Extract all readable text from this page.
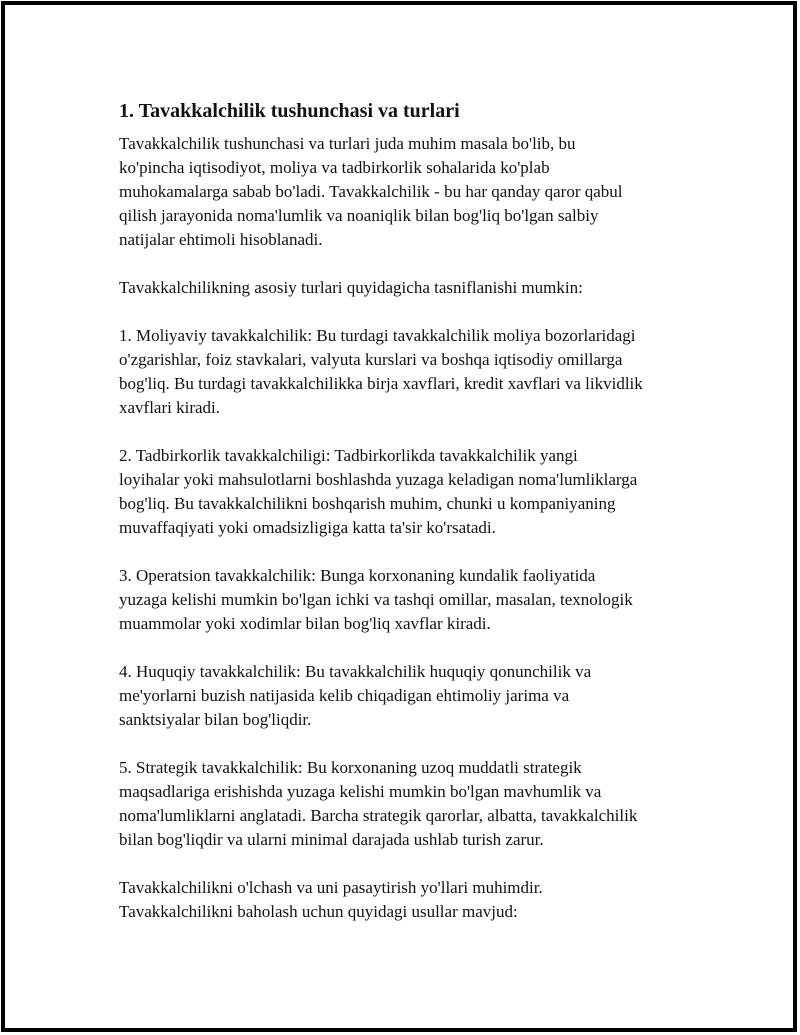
1. Tavakkalchilik tushunchasi va turlari

Tavakkalchilik tushunchasi va turlari juda muhim masala bo'lib, bu
ko'pincha iqtisodiyot, moliya va tadbirkorlik sohalarida ko'plab
muhokamalarga sabab bo'ladi. Tavakkalchilik - bu har qanday qaror qabul
qilish jarayonida noma'lumlik va noaniqlik bilan bog'liq bo'lgan salbiy
natijalar ehtimoli hisoblanadi.

Tavakkalchilikning asosiy turlari quyidagicha tasniflanishi mumkin:

1. Moliyaviy tavakkalchilik: Bu turdagi tavakkalchilik moliya bozorlaridagi
o'zgarishlar, foiz stavkalari, valyuta kurslari va boshqa iqtisodiy omillarga
bog'liq. Bu turdagi tavakkalchilikka birja xavflari, kredit xavflari va likvidlik
xavflari kiradi.

2. Tadbirkorlik tavakkalchiligi: Tadbirkorlikda tavakkalchilik yangi
loyihalar yoki mahsulotlarni boshlashda yuzaga keladigan noma'lumliklarga
bog'liq. Bu tavakkalchilikni boshqarish muhim, chunki u kompaniyaning
muvaffaqiyati yoki omadsizligiga katta ta'sir ko'rsatadi.

3. Operatsion tavakkalchilik: Bunga korxonaning kundalik faoliyatida
yuzaga kelishi mumkin bo'lgan ichki va tashqi omillar, masalan, texnologik
muammolar yoki xodimlar bilan bog'liq xavflar kiradi.

4. Huquqiy tavakkalchilik: Bu tavakkalchilik huquqiy qonunchilik va
me'yorlarni buzish natijasida kelib chiqadigan ehtimoliy jarima va
sanktsiyalar bilan bog'liqdir.

5. Strategik tavakkalchilik: Bu korxonaning uzoq muddatli strategik
maqsadlariga erishishda yuzaga kelishi mumkin bo'lgan mavhumlik va
noma'lumliklarni anglatadi. Barcha strategik qarorlar, albatta, tavakkalchilik
bilan bog'liqdir va ularni minimal darajada ushlab turish zarur.

Tavakkalchilikni o'lchash va uni pasaytirish yo'llari muhimdir.
Tavakkalchilikni baholash uchun quyidagi usullar mavjud:
